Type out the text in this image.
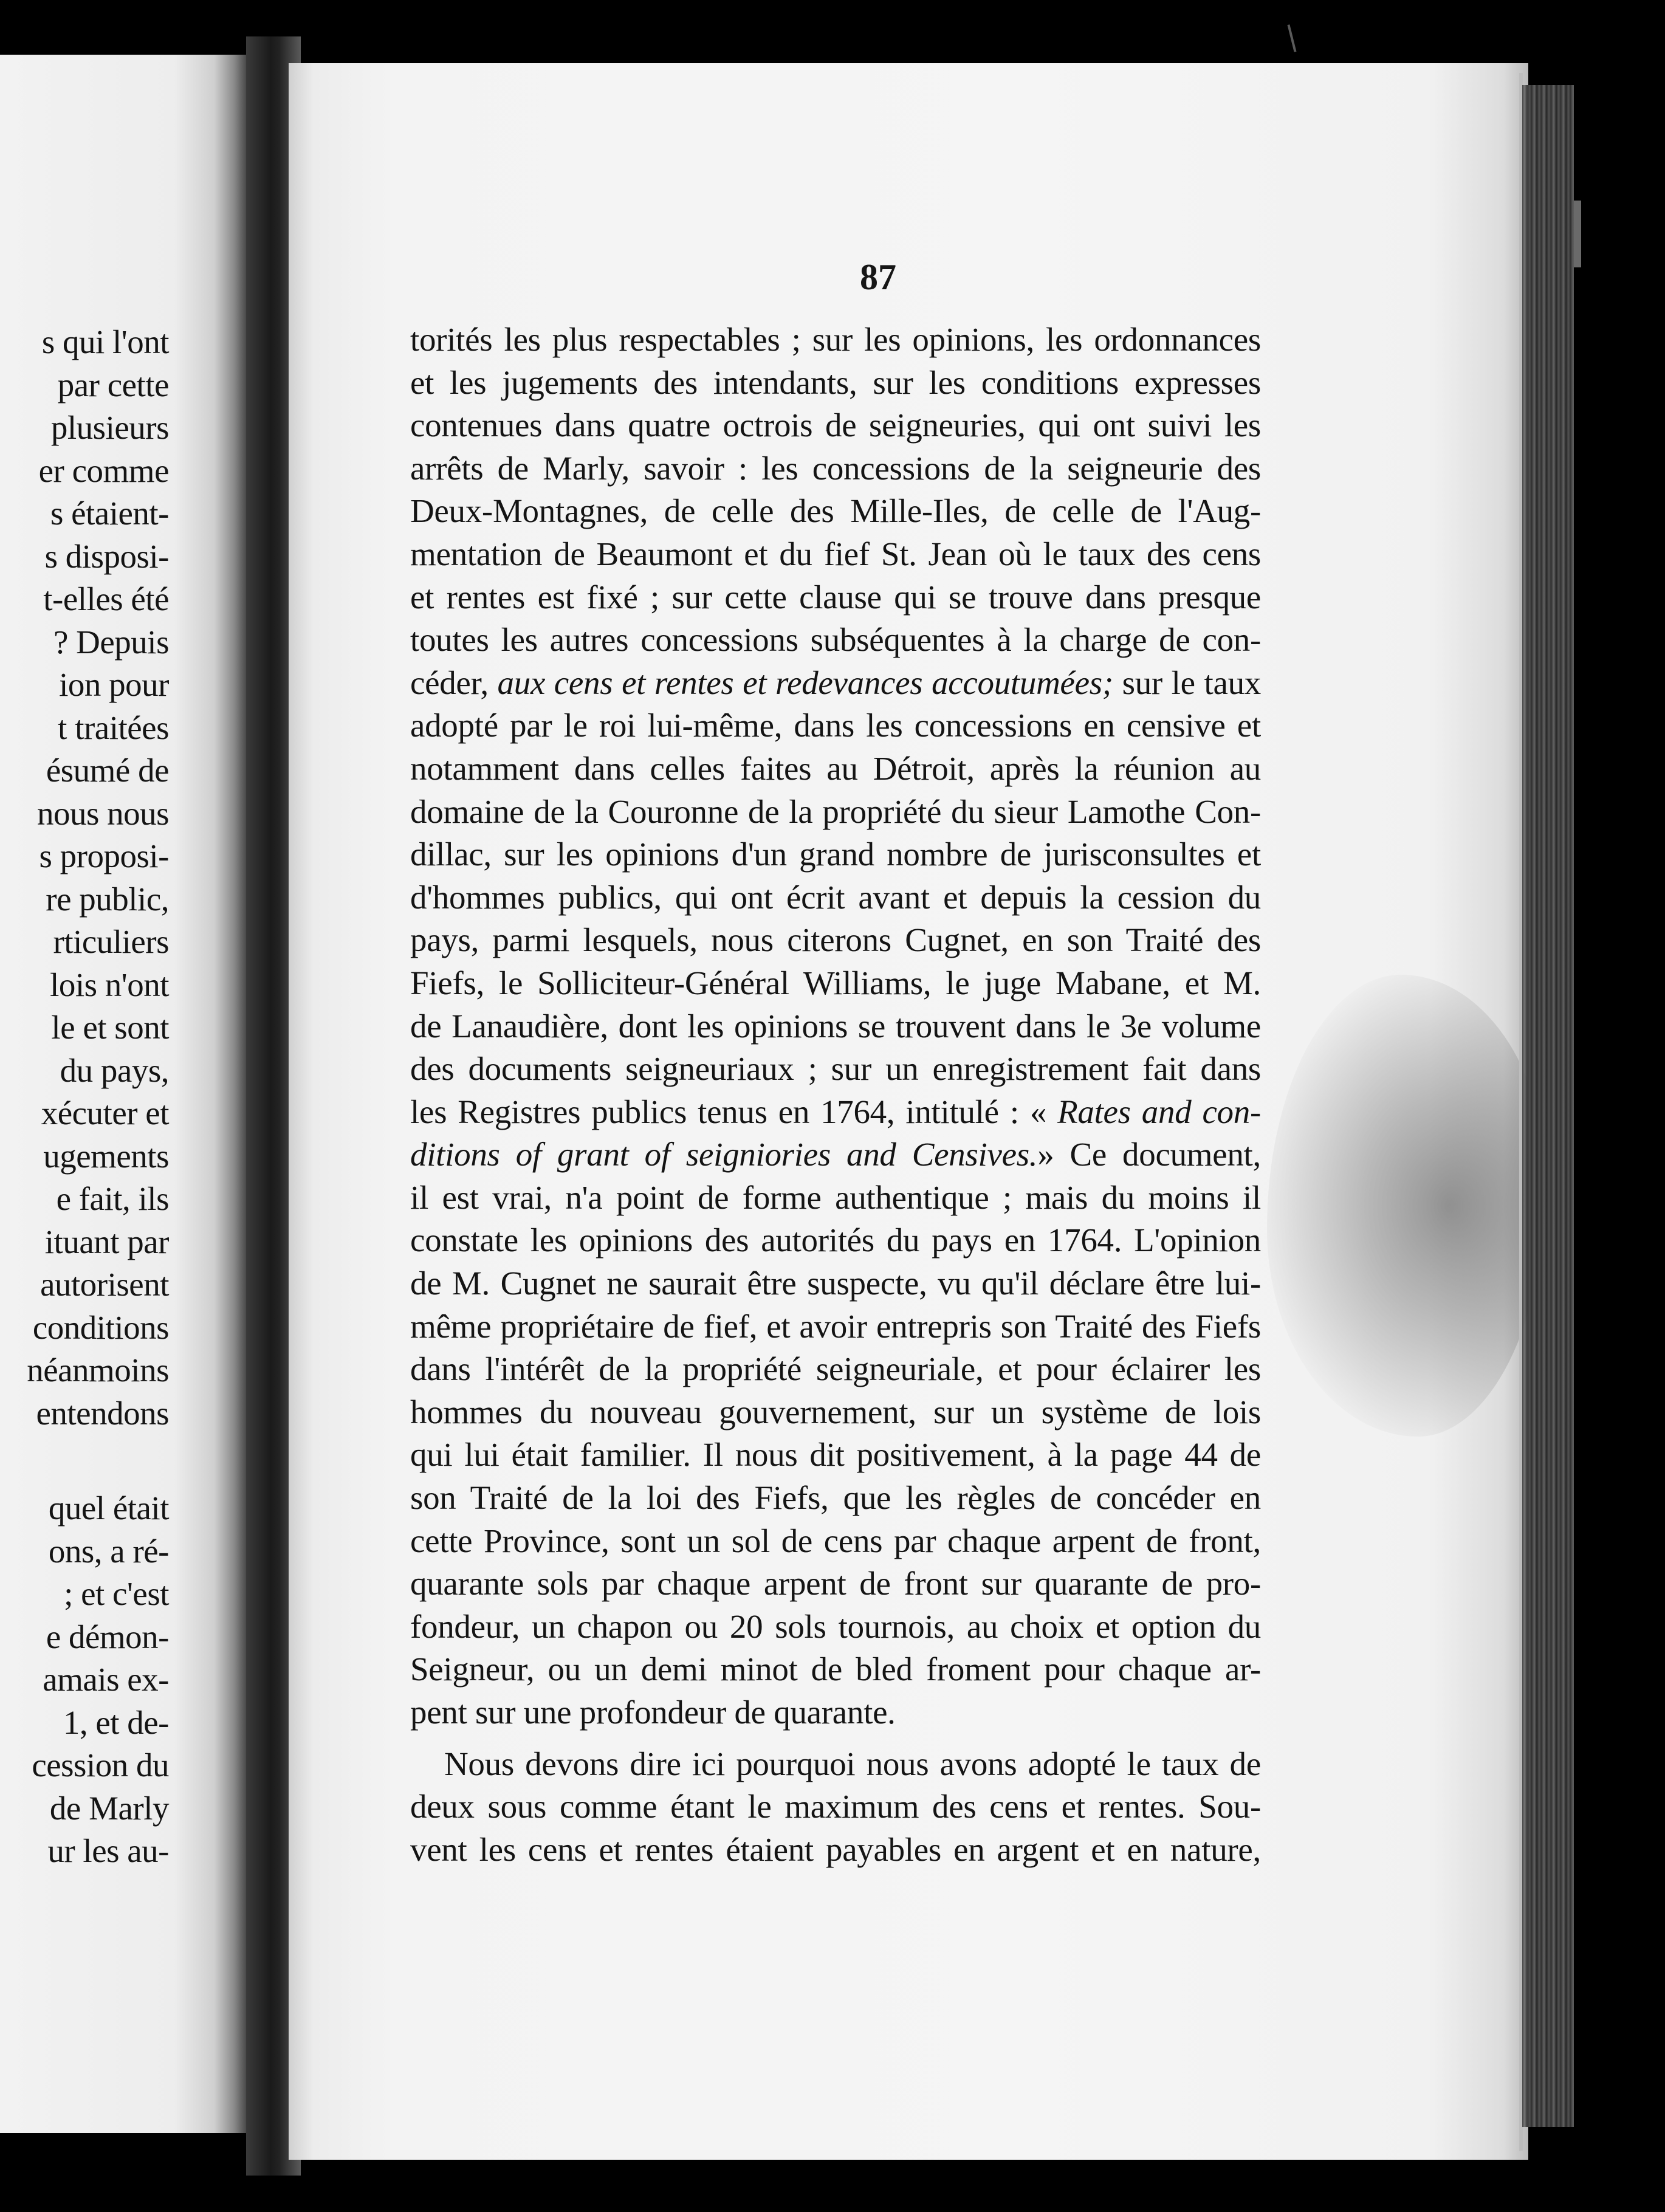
s qui l'ont
par cette
plusieurs
er comme
s étaient-
s disposi-
t-elles été
? Depuis
ion pour
t traitées
ésumé de
nous nous
s proposi-
re public,
rticuliers
lois n'ont
le et sont
du pays,
xécuter et
ugements
e fait, ils
ituant par
autorisent
conditions
néanmoins
entendons
quel était
ons, a ré-
; et c'est
e démon-
amais ex-
1, et de-
cession du
de Marly
ur les au-
87
torités les plus respectables ; sur les opinions, les ordonnances
et les jugements des intendants, sur les conditions expresses
contenues dans quatre octrois de seigneuries, qui ont suivi les
arrêts de Marly, savoir : les concessions de la seigneurie des
Deux-Montagnes, de celle des Mille-Iles, de celle de l'Aug-
mentation de Beaumont et du fief St. Jean où le taux des cens
et rentes est fixé ; sur cette clause qui se trouve dans presque
toutes les autres concessions subséquentes à la charge de con-
céder, aux cens et rentes et redevances accoutumées; sur le taux
adopté par le roi lui-même, dans les concessions en censive et
notamment dans celles faites au Détroit, après la réunion au
domaine de la Couronne de la propriété du sieur Lamothe Con-
dillac, sur les opinions d'un grand nombre de jurisconsultes et
d'hommes publics, qui ont écrit avant et depuis la cession du
pays, parmi lesquels, nous citerons Cugnet, en son Traité des
Fiefs, le Solliciteur-Général Williams, le juge Mabane, et M.
de Lanaudière, dont les opinions se trouvent dans le 3e volume
des documents seigneuriaux ; sur un enregistrement fait dans
les Registres publics tenus en 1764, intitulé : « Rates and con-
ditions of grant of seigniories and Censives.» Ce document,
il est vrai, n'a point de forme authentique ; mais du moins il
constate les opinions des autorités du pays en 1764. L'opinion
de M. Cugnet ne saurait être suspecte, vu qu'il déclare être lui-
même propriétaire de fief, et avoir entrepris son Traité des Fiefs
dans l'intérêt de la propriété seigneuriale, et pour éclairer les
hommes du nouveau gouvernement, sur un système de lois
qui lui était familier. Il nous dit positivement, à la page 44 de
son Traité de la loi des Fiefs, que les règles de concéder en
cette Province, sont un sol de cens par chaque arpent de front,
quarante sols par chaque arpent de front sur quarante de pro-
fondeur, un chapon ou 20 sols tournois, au choix et option du
Seigneur, ou un demi minot de bled froment pour chaque ar-
pent sur une profondeur de quarante.
Nous devons dire ici pourquoi nous avons adopté le taux de
deux sous comme étant le maximum des cens et rentes. Sou-
vent les cens et rentes étaient payables en argent et en nature,
